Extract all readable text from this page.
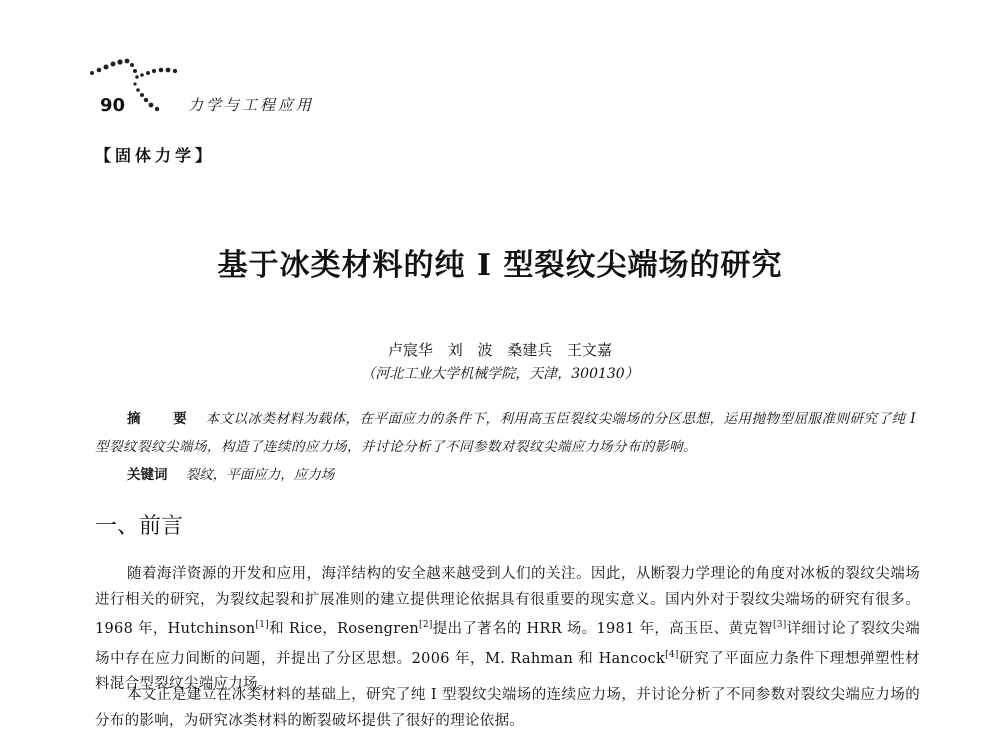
90	力学与工程应用
【固体力学】
基于冰类材料的纯 Ⅰ 型裂纹尖端场的研究
卢宸华 刘 波 桑建兵 王文嘉
（河北工业大学机械学院，天津，300130）
摘 要 本文以冰类材料为载体，在平面应力的条件下，利用高玉臣裂纹尖端场的分区思想，运用抛物型屈服准则研究了纯 Ⅰ 型裂纹裂纹尖端场，构造了连续的应力场，并讨论分析了不同参数对裂纹尖端应力场分布的影响。
关键词 裂纹，平面应力，应力场
一、前言
随着海洋资源的开发和应用，海洋结构的安全越来越受到人们的关注。因此，从断裂力学理论的角度对冰板的裂纹尖端场进行相关的研究，为裂纹起裂和扩展准则的建立提供理论依据具有很重要的现实意义。国内外对于裂纹尖端场的研究有很多。1968 年，Hutchinson[1]和 Rice，Rosengren[2]提出了著名的 HRR 场。1981 年，高玉臣、黄克智[3]详细讨论了裂纹尖端场中存在应力间断的问题，并提出了分区思想。2006 年，M. Rahman 和 Hancock[4]研究了平面应力条件下理想弹塑性材料混合型裂纹尖端应力场。
本文正是建立在冰类材料的基础上，研究了纯 Ⅰ 型裂纹尖端场的连续应力场，并讨论分析了不同参数对裂纹尖端应力场的分布的影响，为研究冰类材料的断裂破坏提供了很好的理论依据。
